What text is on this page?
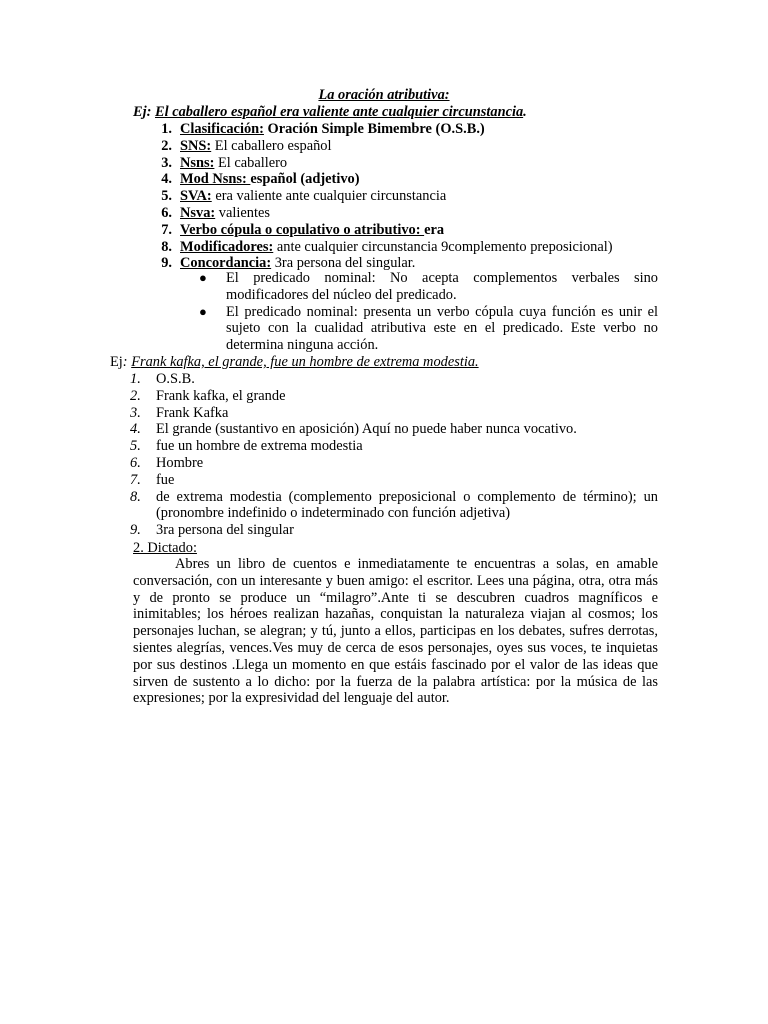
La oración atributiva:
Ej: El caballero español era valiente ante cualquier circunstancia.
1. Clasificación: Oración Simple Bimembre (O.S.B.)
2. SNS: El caballero español
3. Nsns: El caballero
4. Mod Nsns: español (adjetivo)
5. SVA: era valiente ante cualquier circunstancia
6. Nsva: valientes
7. Verbo cópula o copulativo o atributivo: era
8. Modificadores: ante cualquier circunstancia 9complemento preposicional)
9. Concordancia: 3ra persona del singular.
● El predicado nominal: No acepta complementos verbales sino modificadores del núcleo del predicado.
● El predicado nominal: presenta un verbo cópula cuya función es unir el sujeto con la cualidad atributiva este en el predicado. Este verbo no determina ninguna acción.
Ej: Frank kafka, el grande, fue un hombre de extrema modestia.
1. O.S.B.
2. Frank kafka, el grande
3. Frank Kafka
4. El grande (sustantivo en aposición) Aquí no puede haber nunca vocativo.
5. fue un hombre de extrema modestia
6. Hombre
7. fue
8. de extrema modestia (complemento preposicional o complemento de término); un (pronombre indefinido o indeterminado con función adjetiva)
9. 3ra persona del singular
2. Dictado:
Abres un libro de cuentos e inmediatamente te encuentras a solas, en amable conversación, con un interesante y buen amigo: el escritor. Lees una página, otra, otra más y de pronto se produce un “milagro”.Ante ti se descubren cuadros magníficos e inimitables; los héroes realizan hazañas, conquistan la naturaleza viajan al cosmos; los personajes luchan, se alegran; y tú, junto a ellos, participas en los debates, sufres derrotas, sientes alegrías, vences.Ves muy de cerca de esos personajes, oyes sus voces, te inquietas por sus destinos .Llega un momento en que estáis fascinado por el valor de las ideas que sirven de sustento a lo dicho: por la fuerza de la palabra artística: por la música de las expresiones; por la expresividad del lenguaje del autor.
